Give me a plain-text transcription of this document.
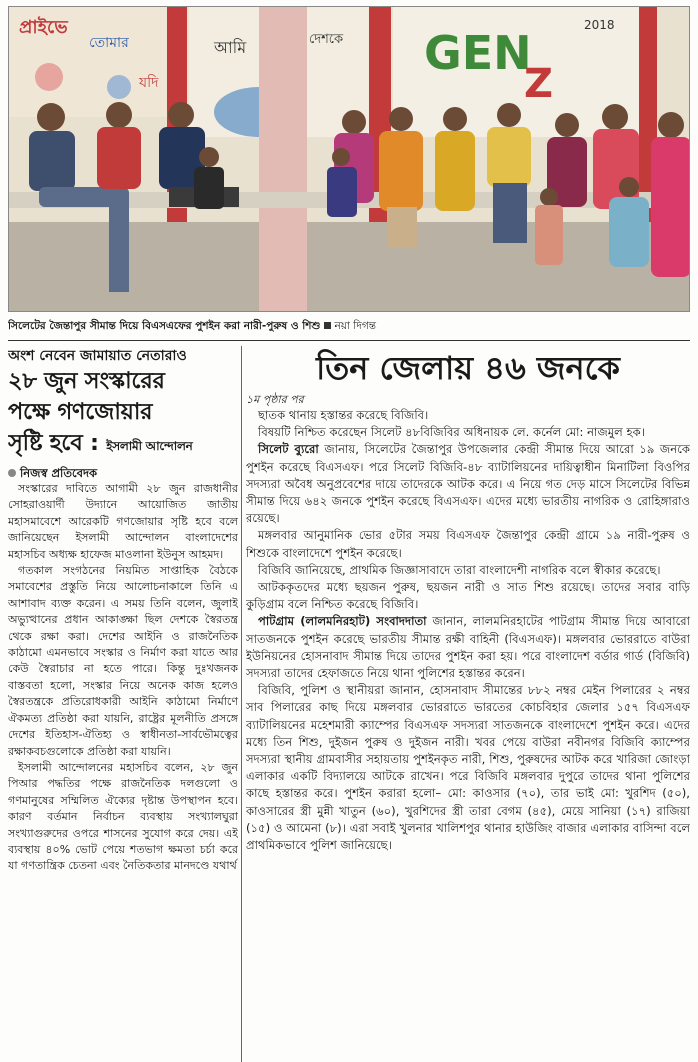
প্রাইভে
তোমার	আমি	দেশকে
যদি
GEN
Z
2018
সিলেটের জৈন্তাপুর সীমান্ত দিয়ে বিএসএফের পুশইন করা নারী-পুরুষ ও শিশু নয়া দিগন্ত
অংশ নেবেন জামায়াত নেতারাও
২৮ জুন সংস্কারের
পক্ষে গণজোয়ার
সৃষ্টি হবে : ইসলামী আন্দোলন
নিজস্ব প্রতিবেদক

সংস্কারের দাবিতে আগামী ২৮ জুন রাজধানীর সোহরাওয়ার্দী উদ্যানে আয়োজিত জাতীয় মহাসমাবেশে আরেকটি গণজোয়ার সৃষ্টি হবে বলে জানিয়েছেন ইসলামী আন্দোলন বাংলাদেশের মহাসচিব অধ্যক্ষ হাফেজ মাওলানা ইউনুস আহমদ।

গতকাল সংগঠনের নিয়মিত সাপ্তাহিক বৈঠকে সমাবেশের প্রস্তুতি নিয়ে আলোচনাকালে তিনি এ আশাবাদ ব্যক্ত করেন। এ সময় তিনি বলেন, জুলাই অভ্যুত্থানের প্রধান আকাঙ্ক্ষা ছিল দেশকে স্বৈরতন্ত্র থেকে রক্ষা করা। দেশের আইনি ও রাজনৈতিক কাঠামো এমনভাবে সংস্কার ও নির্মাণ করা যাতে আর কেউ স্বৈরাচার না হতে পারে। কিন্তু দুঃখজনক বাস্তবতা হলো, সংস্কার নিয়ে অনেক কাজ হলেও স্বৈরতন্ত্রকে প্রতিরোধকারী আইনি কাঠামো নির্মাণে ঐকমত্য প্রতিষ্ঠা করা যায়নি, রাষ্ট্রের মূলনীতি প্রসঙ্গে দেশের ইতিহাস-ঐতিহ্য ও স্বাধীনতা-সার্বভৌমত্বের রক্ষাকবচগুলোকে প্রতিষ্ঠা করা যায়নি।

ইসলামী আন্দোলনের মহাসচিব বলেন, ২৮ জুন পিআর পদ্ধতির পক্ষে রাজনৈতিক দলগুলো ও গণমানুষের সম্মিলিত ঐক্যের দৃষ্টান্ত উপস্থাপন হবে। কারণ বর্তমান নির্বাচন ব্যবস্থায় সংখ্যালঘুরা সংখ্যাগুরুদের ওপরে শাসনের সুযোগ করে দেয়। এই ব্যবস্থায় ৪০% ভোট পেয়ে শতভাগ ক্ষমতা চর্চা করে যা গণতান্ত্রিক চেতনা এবং নৈতিকতার মানদণ্ডে যথার্থ

তিন জেলায় ৪৬ জনকে
১ম পৃষ্ঠার পর

ছাতক থানায় হস্তান্তর করেছে বিজিবি।

বিষয়টি নিশ্চিত করেছেন সিলেট ৪৮বিজিবির অধিনায়ক লে. কর্নেল মো: নাজমুল হক।

সিলেট ব্যুরো জানায়, সিলেটের জৈন্তাপুর উপজেলার কেন্দ্রী সীমান্ত দিয়ে আরো ১৯ জনকে পুশইন করেছে বিএসএফ। পরে সিলেট বিজিবি-৪৮ ব্যাটালিয়নের দায়িত্বাধীন মিনাটিলা বিওপির সদস্যরা অবৈধ অনুপ্রবেশের দায়ে তাদেরকে আটক করে। এ নিয়ে গত দেড় মাসে সিলেটের বিভিন্ন সীমান্ত দিয়ে ৬৪২ জনকে পুশইন করেছে বিএসএফ। এদের মধ্যে ভারতীয় নাগরিক ও রোহিঙ্গারাও রয়েছে।

মঙ্গলবার আনুমানিক ভোর ৫টার সময় বিএসএফ জৈন্তাপুর কেন্দ্রী গ্রামে ১৯ নারী-পুরুষ ও শিশুকে বাংলাদেশে পুশইন করেছে।

বিজিবি জানিয়েছে, প্রাথমিক জিজ্ঞাসাবাদে তারা বাংলাদেশী নাগরিক বলে স্বীকার করেছে।

আটককৃতদের মধ্যে ছয়জন পুরুষ, ছয়জন নারী ও সাত শিশু রয়েছে। তাদের সবার বাড়ি কুড়িগ্রাম বলে নিশ্চিত করেছে বিজিবি।

পাটগ্রাম (লালমনিরহাট) সংবাদদাতা জানান, লালমনিরহাটের পাটগ্রাম সীমান্ত দিয়ে আবারো সাতজনকে পুশইন করেছে ভারতীয় সীমান্ত রক্ষী বাহিনী (বিএসএফ)। মঙ্গলবার ভোররাতে বাউরা ইউনিয়নের হোসনাবাদ সীমান্ত দিয়ে তাদের পুশইন করা হয়। পরে বাংলাদেশ বর্ডার গার্ড (বিজিবি) সদস্যরা তাদের হেফাজতে নিয়ে থানা পুলিশের হস্তান্তর করেন।

বিজিবি, পুলিশ ও স্থানীয়রা জানান, হোসনাবাদ সীমান্তের ৮৮২ নম্বর মেইন পিলারের ২ নম্বর সাব পিলারের কাছ দিয়ে মঙ্গলবার ভোররাতে ভারতের কোচবিহার জেলার ১৫৭ বিএসএফ ব্যাটালিয়নের মহেশমারী ক্যাম্পের বিএসএফ সদস্যরা সাতজনকে বাংলাদেশে পুশইন করে। এদের মধ্যে তিন শিশু, দুইজন পুরুষ ও দুইজন নারী। খবর পেয়ে বাউরা নবীনগর বিজিবি ক্যাম্পের সদস্যরা স্থানীয় গ্রামবাসীর সহায়তায় পুশইনকৃত নারী, শিশু, পুরুষদের আটক করে খারিজা জোংড়া এলাকার একটি বিদ্যালয়ে আটকে রাখেন। পরে বিজিবি মঙ্গলবার দুপুরে তাদের থানা পুলিশের কাছে হস্তান্তর করে। পুশইন করারা হলো– মো: কাওসার (৭০), তার ভাই মো: খুরশিদ (৫০), কাওসারের স্ত্রী মুন্নী খাতুন (৬০), খুরশিদের স্ত্রী তারা বেগম (৪৫), মেয়ে সানিয়া (১৭) রাজিয়া (১৫) ও আমেনা (৮)। এরা সবাই খুলনার খালিশপুর থানার হাউজিং বাজার এলাকার বাসিন্দা বলে প্রাথমিকভাবে পুলিশ জানিয়েছে।
